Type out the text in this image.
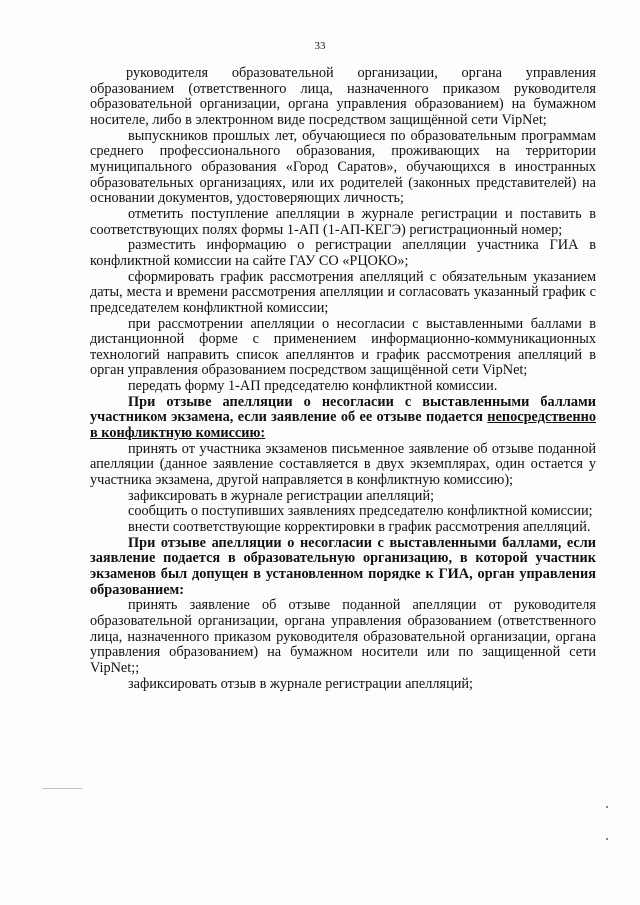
33

руководителя образовательной организации, органа управления образованием (ответственного лица, назначенного приказом руководителя образовательной организации, органа управления образованием) на бумажном носителе, либо в электронном виде посредством защищённой сети VipNet;

выпускников прошлых лет, обучающиеся по образовательным программам среднего профессионального образования, проживающих на территории муниципального образования «Город Саратов», обучающихся в иностранных образовательных организациях, или их родителей (законных представителей) на основании документов, удостоверяющих личность;

отметить поступление апелляции в журнале регистрации и поставить в соответствующих полях формы 1-АП (1-АП-КЕГЭ) регистрационный номер;

разместить информацию о регистрации апелляции участника ГИА в конфликтной комиссии на сайте ГАУ СО «РЦОКО»;

сформировать график рассмотрения апелляций с обязательным указанием даты, места и времени рассмотрения апелляции и согласовать указанный график с председателем конфликтной комиссии;

при рассмотрении апелляции о несогласии с выставленными баллами в дистанционной форме с применением информационно-коммуникационных технологий направить список апеллянтов и график рассмотрения апелляций в орган управления образованием посредством защищённой сети VipNet;

передать форму 1-АП председателю конфликтной комиссии.

При отзыве апелляции о несогласии с выставленными баллами участником экзамена, если заявление об ее отзыве подается непосредственно в конфликтную комиссию:

принять от участника экзаменов письменное заявление об отзыве поданной апелляции (данное заявление составляется в двух экземплярах, один остается у участника экзамена, другой направляется в конфликтную комиссию);

зафиксировать в журнале регистрации апелляций;

сообщить о поступивших заявлениях председателю конфликтной комиссии;

внести соответствующие корректировки в график рассмотрения апелляций.

При отзыве апелляции о несогласии с выставленными баллами, если заявление подается в образовательную организацию, в которой участник экзаменов был допущен в установленном порядке к ГИА, орган управления образованием:

принять заявление об отзыве поданной апелляции от руководителя образовательной организации, органа управления образованием (ответственного лица, назначенного приказом руководителя образовательной организации, органа управления образованием) на бумажном носители или по защищенной сети VipNet;;

зафиксировать отзыв в журнале регистрации апелляций;
